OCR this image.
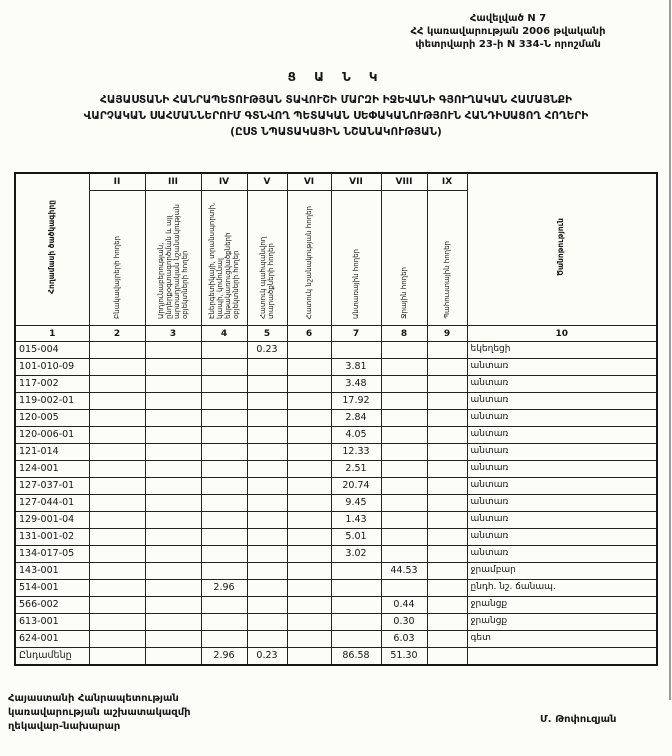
Հավելված N 7
ՀՀ կառավարության 2006 թվականի
փետրվարի 23-ի N 334-Ն որոշման
Ց Ա Ն Կ
ՀԱՅԱՍՏԱՆԻ ՀԱՆՐԱՊԵՏՈՒԹՅԱՆ ՏԱՎՈՒՇԻ ՄԱՐԶԻ ԻՋԵՎԱՆԻ ԳՅՈՒՂԱԿԱՆ ՀԱՄԱՅՆՔԻ
ՎԱՐՉԱԿԱՆ ՍԱՀՄԱՆՆԵՐՈՒՄ ԳՏՆՎՈՂ ՊԵՏԱԿԱՆ ՍԵՓԱԿԱՆՈՒԹՅՈՒՆ ՀԱՆԴԻՍԱՑՈՂ ՀՈՂԵՐԻ
(ԸՍՏ ՆՊԱՏԱԿԱՅԻՆ ՆՇԱՆԱԿՈՒԹՅԱՆ)
Հողամասի ծածկագիրը	II	III	IV	V	VI	VII	VIII	IX	Ծանոթություն
	Բնակավայրերի հողեր	Արդյունաբերության, ընդերքօգտագործման և այլ արտադրական նշանակության օբյեկտների հողեր	Էներգետիկայի, տրանսպորտի, կապի, կոմունալ ենթակառուցվածքների օբյեկտների հողեր	Հատուկ պահպանվող տարածքների հողեր	Հատուկ նշանակության հողեր	Անտառային հողեր	Ջրային հողեր	Պահուստային հողեր	
1	2	3	4	5	6	7	8	9	10
015-004				0.23					եկեղեցի
101-010-09						3.81			անտառ
117-002						3.48			անտառ
119-002-01						17.92			անտառ
120-005						2.84			անտառ
120-006-01						4.05			անտառ
121-014						12.33			անտառ
124-001						2.51			անտառ
127-037-01						20.74			անտառ
127-044-01						9.45			անտառ
129-001-04						1.43			անտառ
131-001-02						5.01			անտառ
134-017-05						3.02			անտառ
143-001							44.53		ջրամբար
514-001			2.96						ընդհ. նշ. ճանապ.
566-002							0.44		ջրանցք
613-001							0.30		ջրանցք
624-001							6.03		գետ
Ընդամենը			2.96	0.23		86.58	51.30		
Հայաստանի Հանրապետության
կառավարության աշխատակազմի
ղեկավար-նախարար
Մ. Թոփուզյան
